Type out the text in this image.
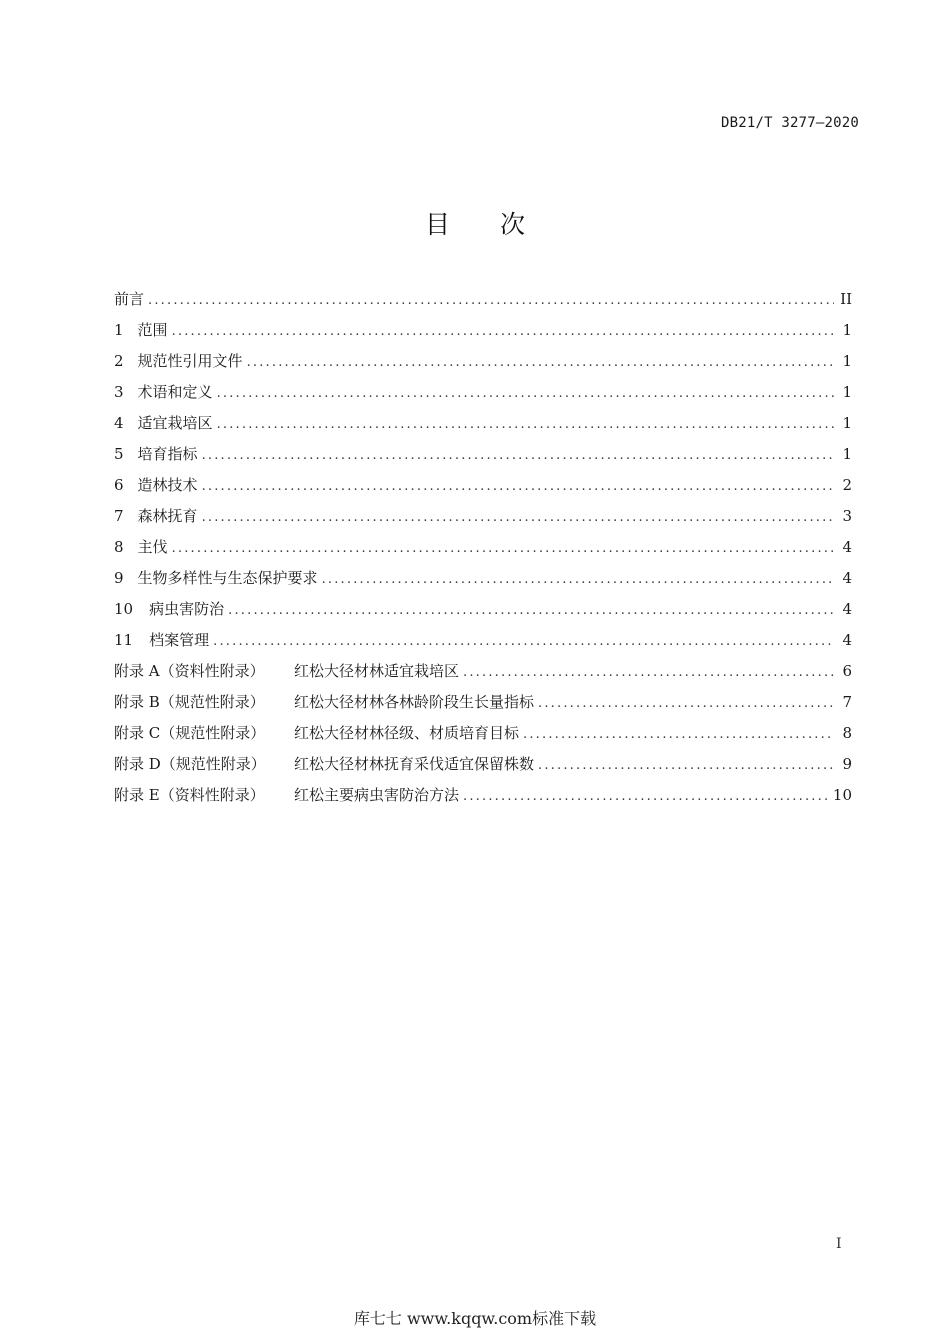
DB21/T 3277—2020
目次
前言 .....	II
1 范围 .....	1
2 规范性引用文件 .....	1
3 术语和定义 .....	1
4 适宜栽培区 .....	1
5 培育指标 .....	1
6 造林技术 .....	2
7 森林抚育 .....	3
8 主伐 .....	4
9 生物多样性与生态保护要求 .....	4
10 病虫害防治 .....	4
11 档案管理 .....	4
附录 A（资料性附录）	红松大径材林适宜栽培区 .....	6
附录 B（规范性附录）	红松大径材林各林龄阶段生长量指标 .....	7
附录 C（规范性附录）	红松大径材林径级、材质培育目标 .....	8
附录 D（规范性附录）	红松大径材林抚育采伐适宜保留株数 .....	9
附录 E（资料性附录）	红松主要病虫害防治方法 .....	10
I
库七七 www.kqqw.com标准下载
